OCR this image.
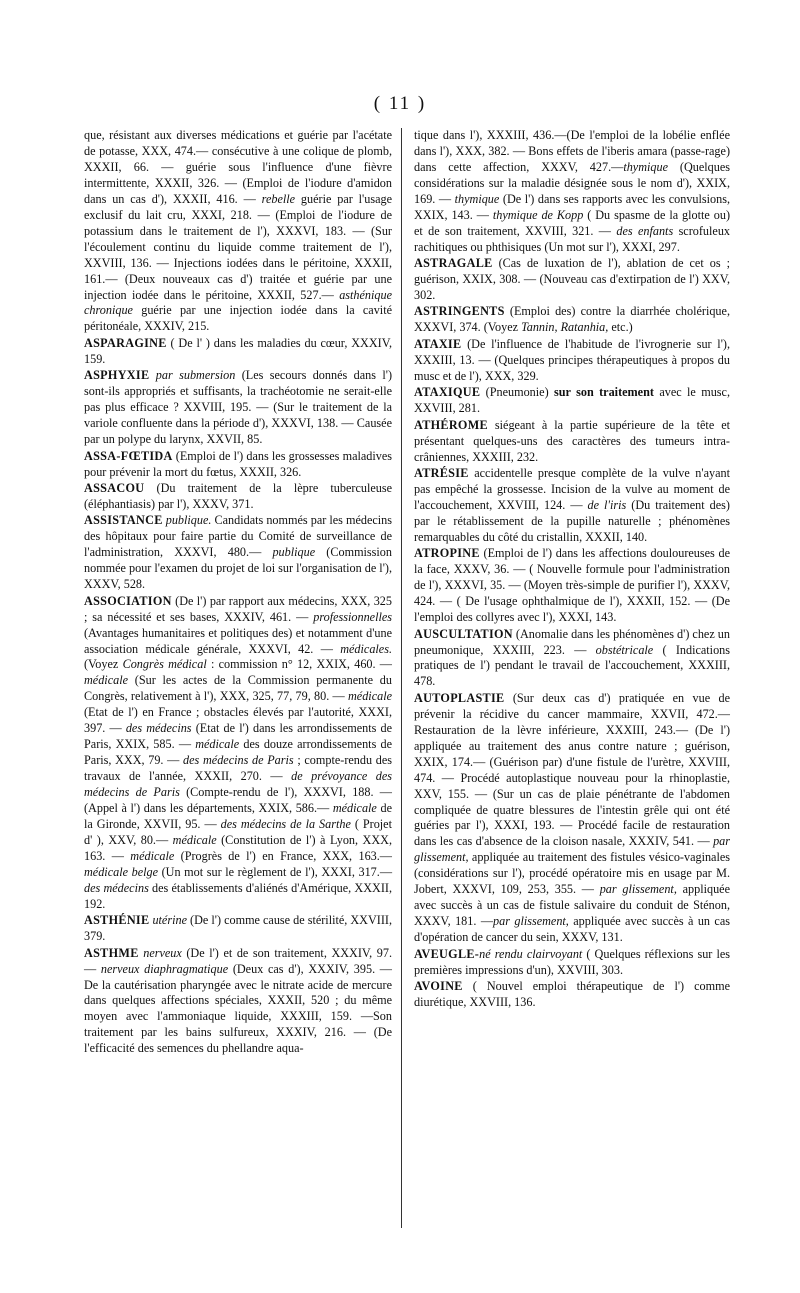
( 11 )

que, résistant aux diverses médications et guérie par l'acétate de potasse, XXX, 474.— consécutive à une colique de plomb, XXXII, 66. — guérie sous l'influence d'une fièvre intermittente, XXXII, 326. — (Emploi de l'iodure d'amidon dans un cas d'), XXXII, 416. — rebelle guérie par l'usage exclusif du lait cru, XXXI, 218. — (Emploi de l'iodure de potassium dans le traitement de l'), XXXVI, 183. — (Sur l'écoulement continu du liquide comme traitement de l'), XXVIII, 136. — Injections iodées dans le péritoine, XXXII, 161.— (Deux nouveaux cas d') traitée et guérie par une injection iodée dans le péritoine, XXXII, 527.— asthénique chronique guérie par une injection iodée dans la cavité péritonéale, XXXIV, 215.

ASPARAGINE ( De l' ) dans les maladies du cœur, XXXIV, 159.

ASPHYXIE par submersion (Les secours donnés dans l') sont-ils appropriés et suffisants, la trachéotomie ne serait-elle pas plus efficace ? XXVIII, 195. — (Sur le traitement de la variole confluente dans la période d'), XXXVI, 138. — Causée par un polype du larynx, XXVII, 85.

ASSA-FŒTIDA (Emploi de l') dans les grossesses maladives pour prévenir la mort du fœtus, XXXII, 326.

ASSACOU (Du traitement de la lèpre tuberculeuse (éléphantiasis) par l'), XXXV, 371.

ASSISTANCE publique. Candidats nommés par les médecins des hôpitaux pour faire partie du Comité de surveillance de l'administration, XXXVI, 480.— publique (Commission nommée pour l'examen du projet de loi sur l'organisation de l'), XXXV, 528.

ASSOCIATION (De l') par rapport aux médecins, XXX, 325 ; sa nécessité et ses bases, XXXIV, 461. — professionnelles (Avantages humanitaires et politiques des) et notamment d'une association médicale générale, XXXVI, 42. — médicales. (Voyez Congrès médical : commission n° 12, XXIX, 460. — médicale (Sur les actes de la Commission permanente du Congrès, relativement à l'), XXX, 325, 77, 79, 80. — médicale (Etat de l') en France ; obstacles élevés par l'autorité, XXXI, 397. — des médecins (Etat de l') dans les arrondissements de Paris, XXIX, 585. — médicale des douze arrondissements de Paris, XXX, 79. — des médecins de Paris ; compte-rendu des travaux de l'année, XXXII, 270. — de prévoyance des médecins de Paris (Compte-rendu de l'), XXXVI, 188. —(Appel à l') dans les départements, XXIX, 586.— médicale de la Gironde, XXVII, 95. — des médecins de la Sarthe ( Projet d' ), XXV, 80.— médicale (Constitution de l') à Lyon, XXX, 163. — médicale (Progrès de l') en France, XXX, 163.— médicale belge (Un mot sur le règlement de l'), XXXI, 317.— des médecins des établissements d'aliénés d'Amérique, XXXII, 192.

ASTHÉNIE utérine (De l') comme cause de stérilité, XXVIII, 379.

ASTHME nerveux (De l') et de son traitement, XXXIV, 97. — nerveux diaphragmatique (Deux cas d'), XXXIV, 395. — De la cautérisation pharyngée avec le nitrate acide de mercure dans quelques affections spéciales, XXXII, 520 ; du même moyen avec l'ammoniaque liquide, XXXIII, 159. —Son traitement par les bains sulfureux, XXXIV, 216. — (De l'efficacité des semences du phellandre aqua-

tique dans l'), XXXIII, 436.—(De l'emploi de la lobélie enflée dans l'), XXX, 382. — Bons effets de l'iberis amara (passe-rage) dans cette affection, XXXV, 427.—thymique (Quelques considérations sur la maladie désignée sous le nom d'), XXIX, 169. — thymique (De l') dans ses rapports avec les convulsions, XXIX, 143. — thymique de Kopp ( Du spasme de la glotte ou) et de son traitement, XXVIII, 321. — des enfants scrofuleux rachitiques ou phthisiques (Un mot sur l'), XXXI, 297.

ASTRAGALE (Cas de luxation de l'), ablation de cet os ; guérison, XXIX, 308. — (Nouveau cas d'extirpation de l') XXV, 302.

ASTRINGENTS (Emploi des) contre la diarrhée cholérique, XXXVI, 374. (Voyez Tannin, Ratanhia, etc.)

ATAXIE (De l'influence de l'habitude de l'ivrognerie sur l'), XXXIII, 13. — (Quelques principes thérapeutiques à propos du musc et de l'), XXX, 329.

ATAXIQUE (Pneumonie) sur son traitement avec le musc, XXVIII, 281.

ATHÉROME siégeant à la partie supérieure de la tête et présentant quelques-uns des caractères des tumeurs intra-crâniennes, XXXIII, 232.

ATRÉSIE accidentelle presque complète de la vulve n'ayant pas empêché la grossesse. Incision de la vulve au moment de l'accouchement, XXVIII, 124. — de l'iris (Du traitement des) par le rétablissement de la pupille naturelle ; phénomènes remarquables du côté du cristallin, XXXII, 140.

ATROPINE (Emploi de l') dans les affections douloureuses de la face, XXXV, 36. — ( Nouvelle formule pour l'administration de l'), XXXVI, 35. — (Moyen très-simple de purifier l'), XXXV, 424. — ( De l'usage ophthalmique de l'), XXXII, 152. — (De l'emploi des collyres avec l'), XXXI, 143.

AUSCULTATION (Anomalie dans les phénomènes d') chez un pneumonique, XXXIII, 223. — obstétricale ( Indications pratiques de l') pendant le travail de l'accouchement, XXXIII, 478.

AUTOPLASTIE (Sur deux cas d') pratiquée en vue de prévenir la récidive du cancer mammaire, XXVII, 472.— Restauration de la lèvre inférieure, XXXIII, 243.— (De l') appliquée au traitement des anus contre nature ; guérison, XXIX, 174.— (Guérison par) d'une fistule de l'urètre, XXVIII, 474. — Procédé autoplastique nouveau pour la rhinoplastie, XXV, 155. — (Sur un cas de plaie pénétrante de l'abdomen compliquée de quatre blessures de l'intestin grêle qui ont été guéries par l'), XXXI, 193. — Procédé facile de restauration dans les cas d'absence de la cloison nasale, XXXIV, 541. — par glissement, appliquée au traitement des fistules vésico-vaginales (considérations sur l'), procédé opératoire mis en usage par M. Jobert, XXXVI, 109, 253, 355. — par glissement, appliquée avec succès à un cas de fistule salivaire du conduit de Sténon, XXXV, 181. —par glissement, appliquée avec succès à un cas d'opération de cancer du sein, XXXV, 131.

AVEUGLE-né rendu clairvoyant ( Quelques réflexions sur les premières impressions d'un), XXVIII, 303.

AVOINE ( Nouvel emploi thérapeutique de l') comme diurétique, XXVIII, 136.
